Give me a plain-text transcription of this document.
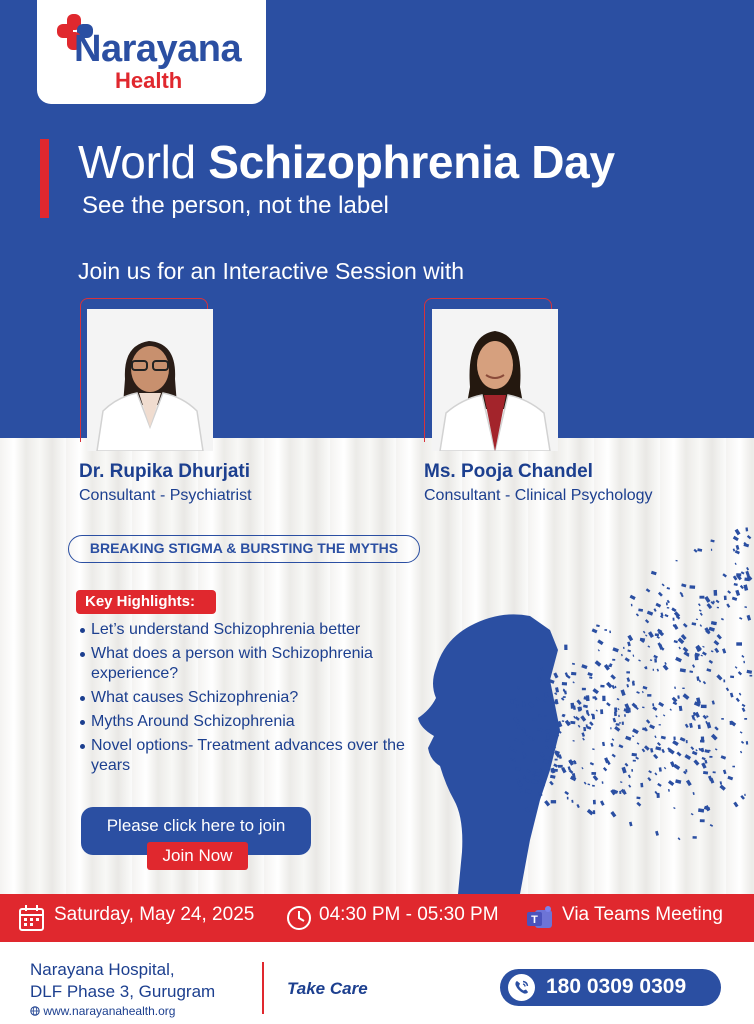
Narayana
Health
World Schizophrenia Day
See the person, not the label
Join us for an Interactive Session with
Dr. Rupika Dhurjati
Consultant - Psychiatrist
Ms. Pooja Chandel
Consultant - Clinical Psychology
BREAKING STIGMA & BURSTING THE MYTHS
Key Highlights:
Let’s understand Schizophrenia better
What does a person with Schizophrenia experience?
What causes Schizophrenia?
Myths Around Schizophrenia
Novel options- Treatment advances over the years
Please click here to join
Join Now
Saturday, May 24, 2025	04:30 PM - 05:30 PM	T Via Teams Meeting
Narayana Hospital,
DLF Phase 3, Gurugram
www.narayanahealth.org
Take Care	180 0309 0309
